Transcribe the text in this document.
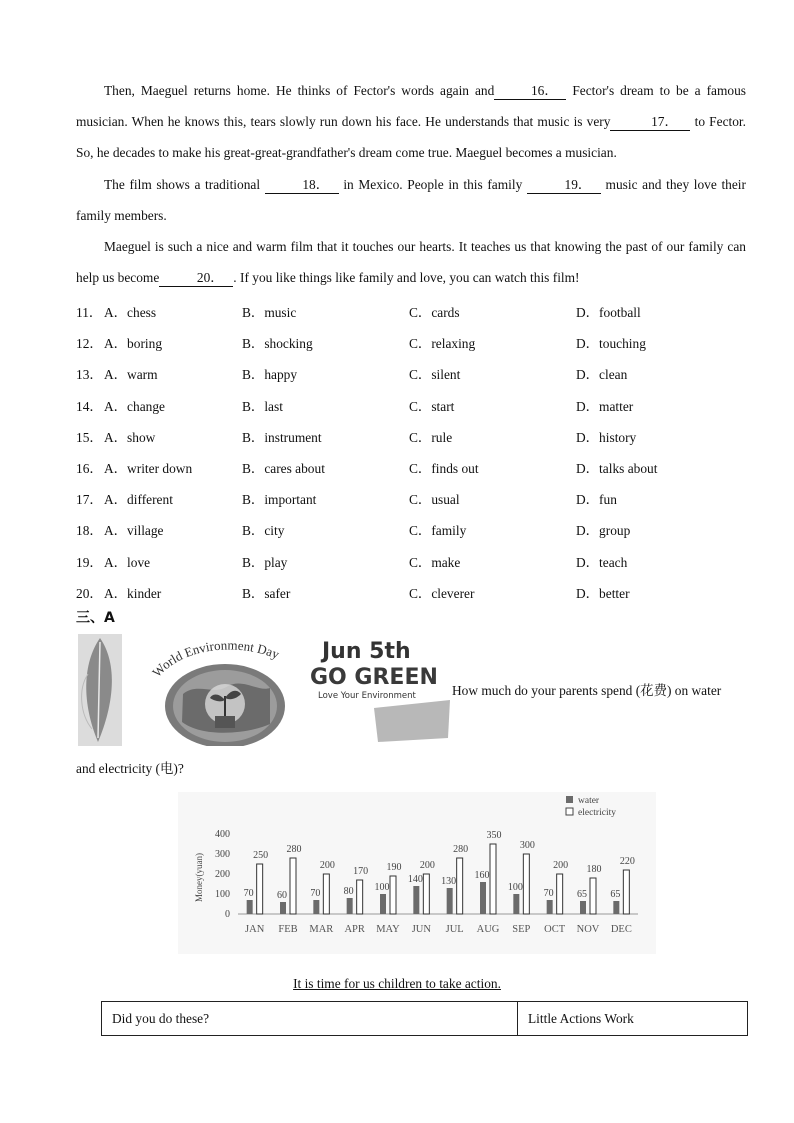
Then, Maeguel returns home. He thinks of Fector's words again and	16． Fector's dream to be a famous musician. When he knows this, tears slowly run down his face. He understands that music is very	17． to Fector. So, he decades to make his great-great-grandfather's dream come true. Maeguel becomes a musician.
The film shows a traditional	18． in Mexico. People in this family	19． music and they love their family members.
Maeguel is such a nice and warm film that it touches our hearts. It teaches us that knowing the past of our family can help us become	20． . If you like things like family and love, you can watch this film!
11． A．chess	B．music	C．cards	D．football
12． A．boring	B．shocking	C．relaxing	D．touching
13． A．warm	B．happy	C．silent	D．clean
14． A．change	B．last	C．start	D．matter
15． A．show	B．instrument	C．rule	D．history
16． A．writer down	B．cares about	C．finds out	D．talks about
17． A．different	B．important	C．usual	D．fun
18． A．village	B．city	C．family	D．group
19． A．love	B．play	C．make	D．teach
20． A．kinder	B．safer	C．cleverer	D．better
三、A
World Environment Day Jun 5th
GO GREEN
Love Your Environment	How much do your parents spend (花费) on water
and electricity (电)?
Money(yuan)
0
100
200
300
400
70
250
JAN
60
280
FEB
70
200
MAR
80
170
APR
100
190
MAY
140
200
JUN
130
280
JUL
160
350
AUG
100
300
SEP
70
200
OCT
65
180
NOV
65
220
DEC
water
electricity
It is time for us children to take action.
Did you do these?	Little Actions Work
